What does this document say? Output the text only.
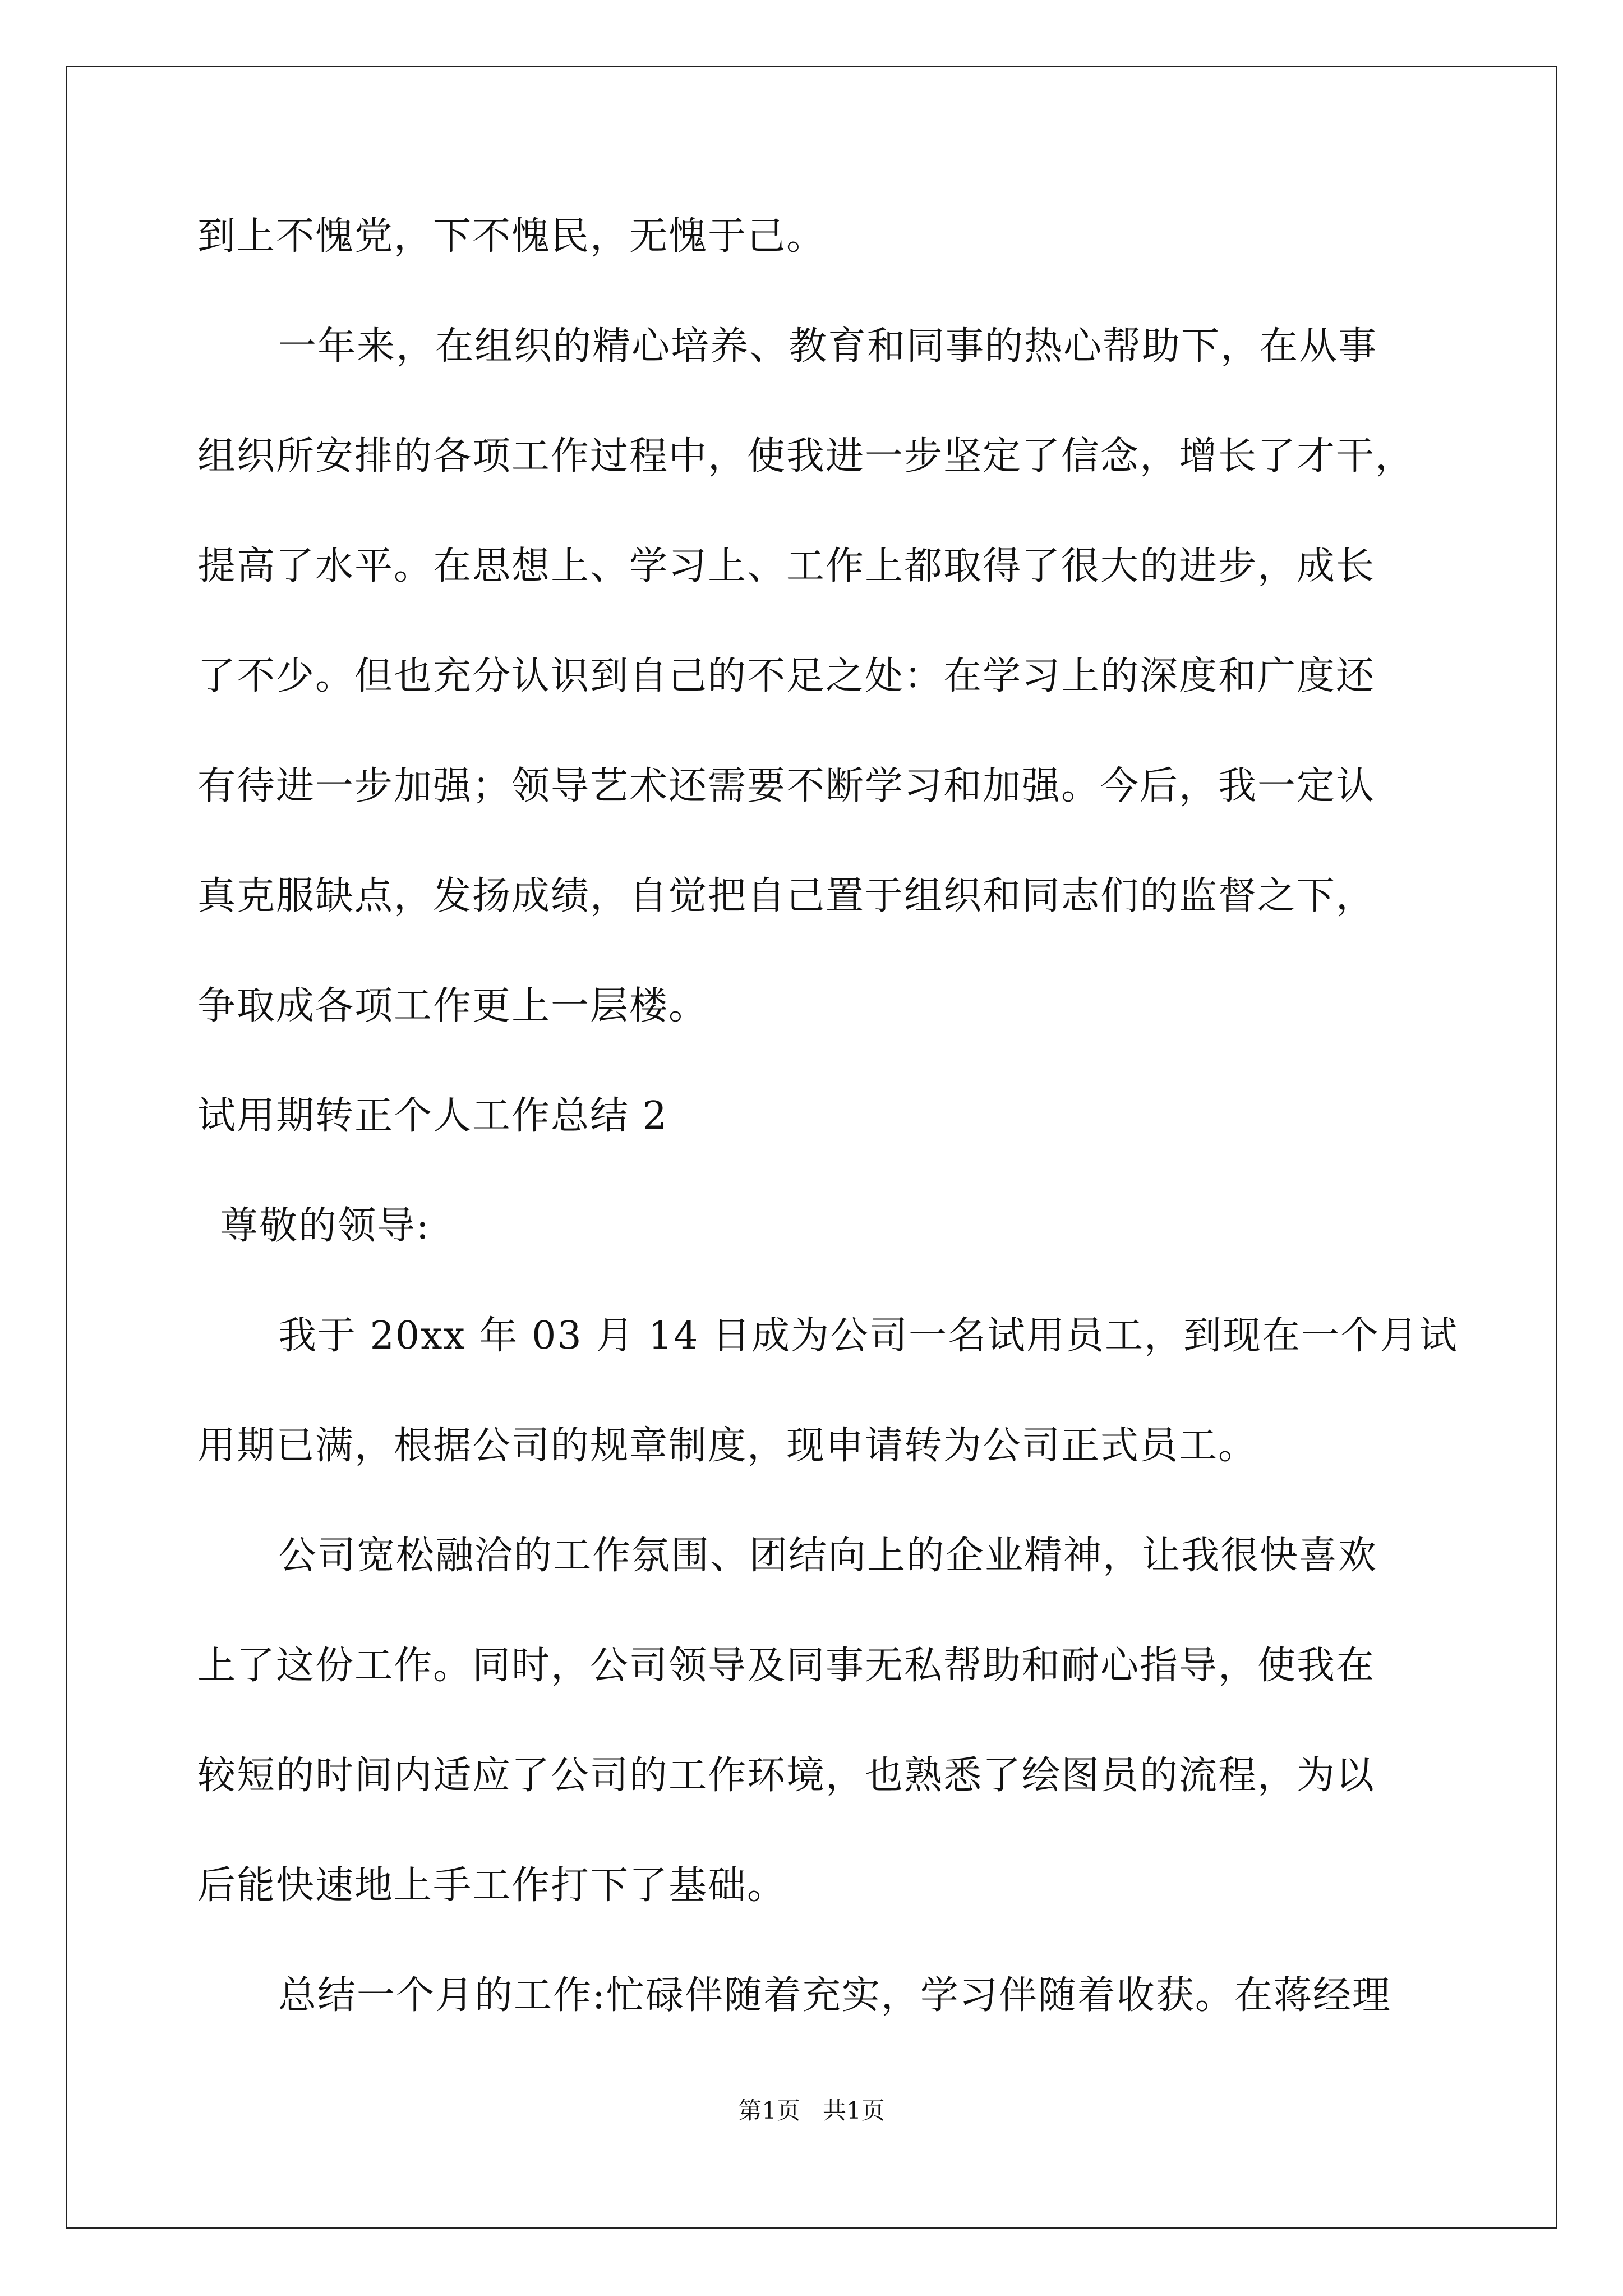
到上不愧党，下不愧民，无愧于己。

一年来，在组织的精心培养、教育和同事的热心帮助下，在从事

组织所安排的各项工作过程中，使我进一步坚定了信念，增长了才干，

提高了水平。在思想上、学习上、工作上都取得了很大的进步，成长

了不少。但也充分认识到自己的不足之处：在学习上的深度和广度还

有待进一步加强；领导艺术还需要不断学习和加强。今后，我一定认

真克服缺点，发扬成绩，自觉把自己置于组织和同志们的监督之下，

争取成各项工作更上一层楼。

试用期转正个人工作总结 2

尊敬的领导:

我于 20xx 年 03 月 14 日成为公司一名试用员工，到现在一个月试

用期已满，根据公司的规章制度，现申请转为公司正式员工。

公司宽松融洽的工作氛围、团结向上的企业精神，让我很快喜欢

上了这份工作。同时，公司领导及同事无私帮助和耐心指导，使我在

较短的时间内适应了公司的工作环境，也熟悉了绘图员的流程，为以

后能快速地上手工作打下了基础。

总结一个月的工作:忙碌伴随着充实，学习伴随着收获。在蒋经理

第1页   共1页
